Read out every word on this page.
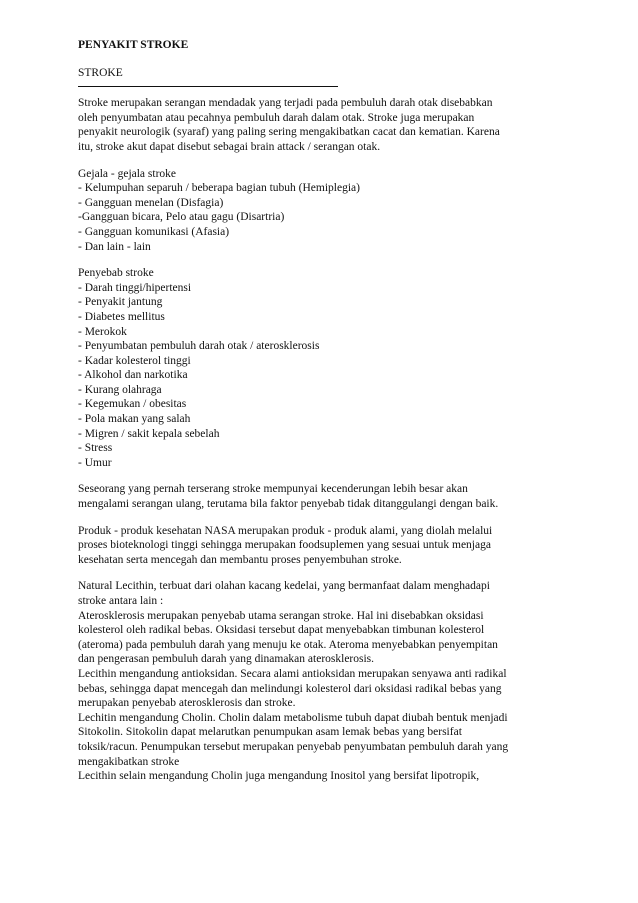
PENYAKIT STROKE
STROKE
Stroke merupakan serangan mendadak yang terjadi pada pembuluh darah otak disebabkan
oleh penyumbatan atau pecahnya pembuluh darah dalam otak. Stroke juga merupakan
penyakit neurologik (syaraf) yang paling sering mengakibatkan cacat dan kematian. Karena
itu, stroke akut dapat disebut sebagai brain attack / serangan otak.
Gejala - gejala stroke
- Kelumpuhan separuh / beberapa bagian tubuh (Hemiplegia)
- Gangguan menelan (Disfagia)
-Gangguan bicara, Pelo atau gagu (Disartria)
- Gangguan komunikasi (Afasia)
- Dan lain - lain
Penyebab stroke
- Darah tinggi/hipertensi
- Penyakit jantung
- Diabetes mellitus
- Merokok
- Penyumbatan pembuluh darah otak / aterosklerosis
- Kadar kolesterol tinggi
- Alkohol dan narkotika
- Kurang olahraga
- Kegemukan / obesitas
- Pola makan yang salah
- Migren / sakit kepala sebelah
- Stress
- Umur
Seseorang yang pernah terserang stroke mempunyai kecenderungan lebih besar akan
mengalami serangan ulang, terutama bila faktor penyebab tidak ditanggulangi dengan baik.
Produk - produk kesehatan NASA merupakan produk - produk alami, yang diolah melalui
proses bioteknologi tinggi sehingga merupakan foodsuplemen yang sesuai untuk menjaga
kesehatan serta mencegah dan membantu proses penyembuhan stroke.
Natural Lecithin, terbuat dari olahan kacang kedelai, yang bermanfaat dalam menghadapi
stroke antara lain :
Aterosklerosis merupakan penyebab utama serangan stroke. Hal ini disebabkan oksidasi
kolesterol oleh radikal bebas. Oksidasi tersebut dapat menyebabkan timbunan kolesterol
(ateroma) pada pembuluh darah yang menuju ke otak. Ateroma menyebabkan penyempitan
dan pengerasan pembuluh darah yang dinamakan aterosklerosis.
Lecithin mengandung antioksidan. Secara alami antioksidan merupakan senyawa anti radikal
bebas, sehingga dapat mencegah dan melindungi kolesterol dari oksidasi radikal bebas yang
merupakan penyebab aterosklerosis dan stroke.
Lechitin mengandung Cholin. Cholin dalam metabolisme tubuh dapat diubah bentuk menjadi
Sitokolin. Sitokolin dapat melarutkan penumpukan asam lemak bebas yang bersifat
toksik/racun. Penumpukan tersebut merupakan penyebab penyumbatan pembuluh darah yang
mengakibatkan stroke
Lecithin selain mengandung Cholin juga mengandung Inositol yang bersifat lipotropik,
